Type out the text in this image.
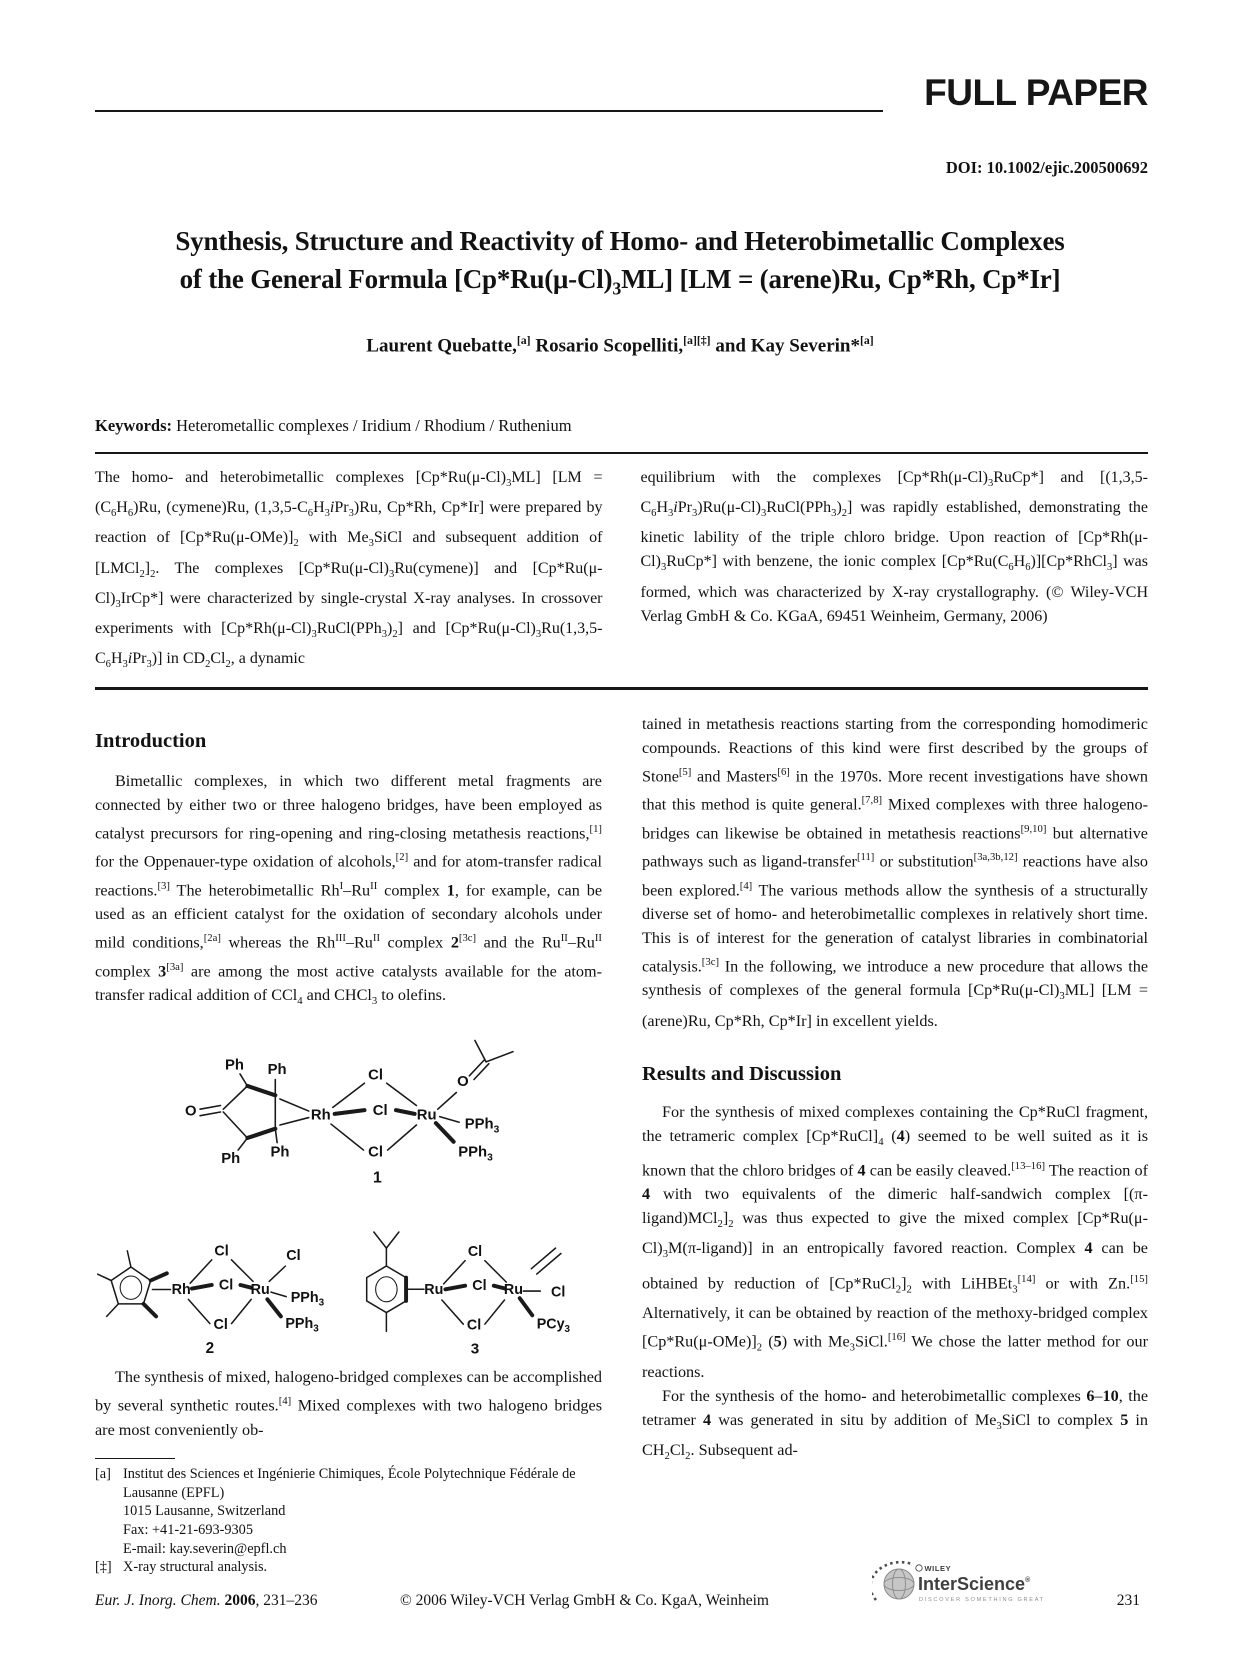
FULL PAPER
DOI: 10.1002/ejic.200500692
Synthesis, Structure and Reactivity of Homo- and Heterobimetallic Complexes
of the General Formula $[Cp*Ru(\mu-Cl)_3ML] [LM$ = (arene)Ru, Cp*Rh, Cp*Ir]
Laurent Quebatte,[a] Rosario Scopelliti,[a][‡] and Kay Severin*[a]
Keywords: Heterometallic complexes / Iridium / Rhodium / Ruthenium

The homo- and heterobimetallic complexes $[Cp*Ru(\mu-Cl)_3ML] [LM = (C_6H_6)Ru$, (cymene)Ru, $(1,3,5-C_6H_3iPr_3)Ru$, Cp*Rh, Cp*Ir] were prepared by reaction of $[Cp*Ru(\mu-OMe)]_2$ with $Me_3SiCl$ and subsequent addition of $[LMCl_2]_2$. The complexes $[Cp*Ru(\mu-Cl)_3Ru(cymene)]$ and $[Cp*Ru(\mu-Cl)_3IrCp*]$ were characterized by single-crystal X-ray analyses. In crossover experiments with $[Cp*Rh(\mu-Cl)_3RuCl(PPh_3)_2]$ and $[Cp*Ru(\mu-Cl)_3Ru(1,3,5-C_6H_3iPr_3)]$ in $CD_2Cl_2$, a dynamic

equilibrium with the complexes $[Cp*Rh(\mu-Cl)_3RuCp*]$ and $[(1,3,5-C_6H_3iPr_3)Ru(\mu-Cl)_3RuCl(PPh_3)_2]$ was rapidly established, demonstrating the kinetic lability of the triple chloro bridge. Upon reaction of $[Cp*Rh(\mu-Cl)_3RuCp*]$ with benzene, the ionic complex $[Cp*Ru(C_6H_6)][Cp*RhCl_3]$ was formed, which was characterized by X-ray crystallography. (© Wiley-VCH Verlag GmbH & Co. KGaA, 69451 Weinheim, Germany, 2006)

Introduction

Bimetallic complexes, in which two different metal fragments are connected by either two or three halogeno bridges, have been employed as catalyst precursors for ring-opening and ring-closing metathesis reactions,[1] for the Oppenauer-type oxidation of alcohols,[2] and for atom-transfer radical reactions.[3] The heterobimetallic $Rh^I-Ru^{II}$ complex 1, for example, can be used as an efficient catalyst for the oxidation of secondary alcohols under mild conditions,[2a] whereas the $Rh^{III}-Ru^{II}$ complex 2[3c] and the $Ru^{II}-Ru^{II}$ complex 3[3a] are among the most active catalysts available for the atom-transfer radical addition of CCl$_4$ and CHCl$_3$ to olefins.

O
Ph Ph
Ph Ph
Rh
Cl
Cl
Cl
Ru
O
PPh$_3$
PPh$_3$
1
Rh
Cl
Cl
Cl
Ru
Cl
PPh$_3$
PPh$_3$
2
Ru
Cl
Cl
Cl
Ru Cl
PCy$_3$
3

The synthesis of mixed, halogeno-bridged complexes can be accomplished by several synthetic routes.[4] Mixed complexes with two halogeno bridges are most conveniently ob-

[a] Institut des Sciences et Ingénierie Chimiques, École Polytechnique Fédérale de Lausanne (EPFL)
1015 Lausanne, Switzerland
Fax: +41-21-693-9305
E-mail: kay.severin@epfl.ch
[‡] X-ray structural analysis.

tained in metathesis reactions starting from the corresponding homodimeric compounds. Reactions of this kind were first described by the groups of Stone[5] and Masters[6] in the 1970s. More recent investigations have shown that this method is quite general.[7,8] Mixed complexes with three halogeno-bridges can likewise be obtained in metathesis reactions[9,10] but alternative pathways such as ligand-transfer[11] or substitution[3a,3b,12] reactions have also been explored.[4] The various methods allow the synthesis of a structurally diverse set of homo- and heterobimetallic complexes in relatively short time. This is of interest for the generation of catalyst libraries in combinatorial catalysis.[3c] In the following, we introduce a new procedure that allows the synthesis of complexes of the general formula $[Cp*Ru(\mu-Cl)_3ML] [LM$ = (arene)Ru, Cp*Rh, Cp*Ir] in excellent yields.

Results and Discussion

For the synthesis of mixed complexes containing the Cp*RuCl fragment, the tetrameric complex $[Cp*RuCl]_4$ (4) seemed to be well suited as it is known that the chloro bridges of 4 can be easily cleaved.[13–16] The reaction of 4 with two equivalents of the dimeric half-sandwich complex $[(\pi-ligand)MCl_2]_2$ was thus expected to give the mixed complex $[Cp*Ru(\mu-Cl)_3M(\pi-ligand)]$ in an entropically favored reaction. Complex 4 can be obtained by reduction of $[Cp*RuCl_2]_2$ with LiHBEt$_3$[14] or with Zn.[15] Alternatively, it can be obtained by reaction of the methoxy-bridged complex $[Cp*Ru(\mu-OMe)]_2$ (5) with $Me_3SiCl.[16]$ We chose the latter method for our reactions.

For the synthesis of the homo- and heterobimetallic complexes 6–10, the tetramer 4 was generated in situ by addition of $Me_3SiCl$ to complex 5 in $CH_2Cl_2$. Subsequent ad-

Eur. J. Inorg. Chem. 2006, 231–236	© 2006 Wiley-VCH Verlag GmbH & Co. KgaA, Weinheim
WILEY
InterScience®
DISCOVER SOMETHING GREAT	231
